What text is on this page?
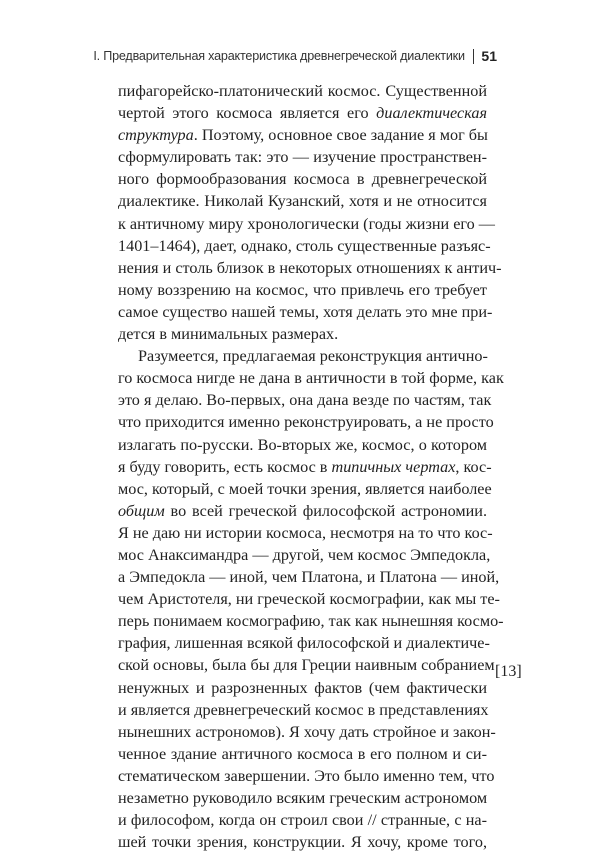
I. Предварительная характеристика древнегреческой диалектики 51
пифагорейско-платонический космос. Существенной
чертой этого космоса является его диалектическая
структура. Поэтому, основное свое задание я мог бы
сформулировать так: это — изучение пространствен-
ного формообразования космоса в древнегреческой
диалектике. Николай Кузанский, хотя и не относится
к античному миру хронологически (годы жизни его —
1401–1464), дает, однако, столь существенные разъяс-
нения и столь близок в некоторых отношениях к антич-
ному воззрению на космос, что привлечь его требует
самое существо нашей темы, хотя делать это мне при-
дется в минимальных размерах.
Разумеется, предлагаемая реконструкция антично-
го космоса нигде не дана в античности в той форме, как
это я делаю. Во-первых, она дана везде по частям, так
что приходится именно реконструировать, а не просто
излагать по-русски. Во-вторых же, космос, о котором
я буду говорить, есть космос в типичных чертах, кос-
мос, который, с моей точки зрения, является наиболее
общим во всей греческой философской астрономии.
Я не даю ни истории космоса, несмотря на то что кос-
мос Анаксимандра — другой, чем космос Эмпедокла,
а Эмпедокла — иной, чем Платона, и Платона — иной,
чем Аристотеля, ни греческой космографии, как мы те-
перь понимаем космографию, так как нынешняя космо-
графия, лишенная всякой философской и диалектиче-
ской основы, была бы для Греции наивным собранием
ненужных и разрозненных фактов (чем фактически
и является древнегреческий космос в представлениях
нынешних астрономов). Я хочу дать стройное и закон-
ченное здание античного космоса в его полном и си-
стематическом завершении. Это было именно тем, что
незаметно руководило всяким греческим астрономом
и философом, когда он строил свои // странные, с на-
шей точки зрения, конструкции. Я хочу, кроме того,
[13]
